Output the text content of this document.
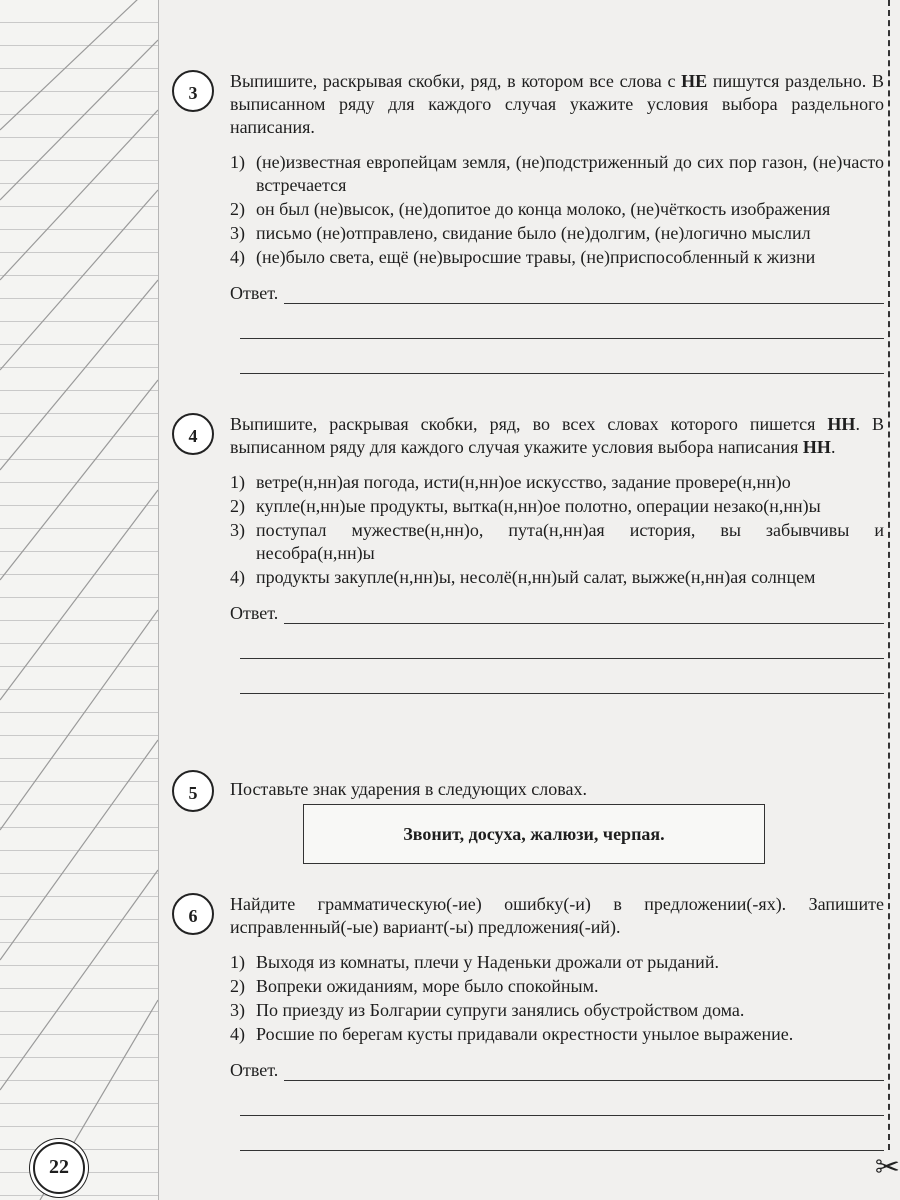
✂
3
Выпишите, раскрывая скобки, ряд, в котором все слова с НЕ пишутся раздельно. В выписанном ряду для каждого случая укажите условия выбора раздельного написания.
1) (не)известная европейцам земля, (не)подстриженный до сих пор газон, (не)часто встречается
2) он был (не)высок, (не)допитое до конца молоко, (не)чёткость изображения
3) письмо (не)отправлено, свидание было (не)долгим, (не)логично мыслил
4) (не)было света, ещё (не)выросшие травы, (не)приспособленный к жизни
Ответ.
4
Выпишите, раскрывая скобки, ряд, во всех словах которого пишется НН. В выписанном ряду для каждого случая укажите условия выбора написания НН.
1) ветре(н,нн)ая погода, исти(н,нн)ое искусство, задание провере(н,нн)о
2) купле(н,нн)ые продукты, вытка(н,нн)ое полотно, операции незако(н,нн)ы
3) поступал мужестве(н,нн)о, пута(н,нн)ая история, вы забывчивы и несобра(н,нн)ы
4) продукты закупле(н,нн)ы, несолё(н,нн)ый салат, выжже(н,нн)ая солнцем
Ответ.
5	Поставьте знак ударения в следующих словах.
Звонит, досуха, жалюзи, черпая.
6
Найдите грамматическую(-ие) ошибку(-и) в предложении(-ях). Запишите исправленный(-ые) вариант(-ы) предложения(-ий).
1) Выходя из комнаты, плечи у Наденьки дрожали от рыданий.
2) Вопреки ожиданиям, море было спокойным.
3) По приезду из Болгарии супруги занялись обустройством дома.
4) Росшие по берегам кусты придавали окрестности унылое выражение.
Ответ.
22
